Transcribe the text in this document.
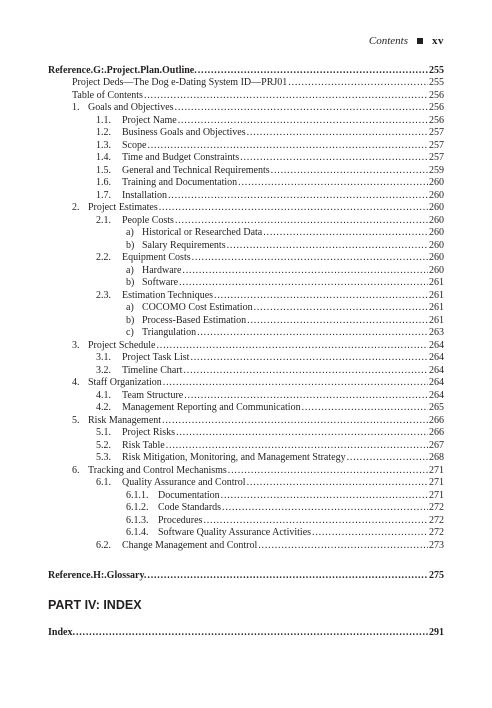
Contents xv
Reference.G:.Project.Plan.Outline. .....	255
Project Deds—The Dog e-Dating System ID—PRJ01 .....	255
Table of Contents .....	256
1. Goals and Objectives .....	256
1.1. Project Name .....	256
1.2. Business Goals and Objectives .....	257
1.3. Scope .....	257
1.4. Time and Budget Constraints .....	257
1.5. General and Technical Requirements .....	259
1.6. Training and Documentation .....	260
1.7. Installation .....	260
2. Project Estimates .....	260
2.1. People Costs .....	260
a) Historical or Researched Data .....	260
b) Salary Requirements .....	260
2.2. Equipment Costs .....	260
a) Hardware .....	260
b) Software .....	261
2.3. Estimation Techniques .....	261
a) COCOMO Cost Estimation .....	261
b) Process-Based Estimation .....	261
c) Triangulation .....	263
3. Project Schedule .....	264
3.1. Project Task List .....	264
3.2. Timeline Chart .....	264
4. Staff Organization .....	264
4.1. Team Structure .....	264
4.2. Management Reporting and Communication .....	265
5. Risk Management .....	266
5.1. Project Risks .....	266
5.2. Risk Table .....	267
5.3. Risk Mitigation, Monitoring, and Management Strategy .....	268
6. Tracking and Control Mechanisms .....	271
6.1. Quality Assurance and Control .....	271
6.1.1. Documentation .....	271
6.1.2. Code Standards .....	272
6.1.3. Procedures .....	272
6.1.4. Software Quality Assurance Activities .....	272
6.2. Change Management and Control .....	273
Reference.H:.Glossary. .....	275
Index. .....	291
PART IV: INDEX
